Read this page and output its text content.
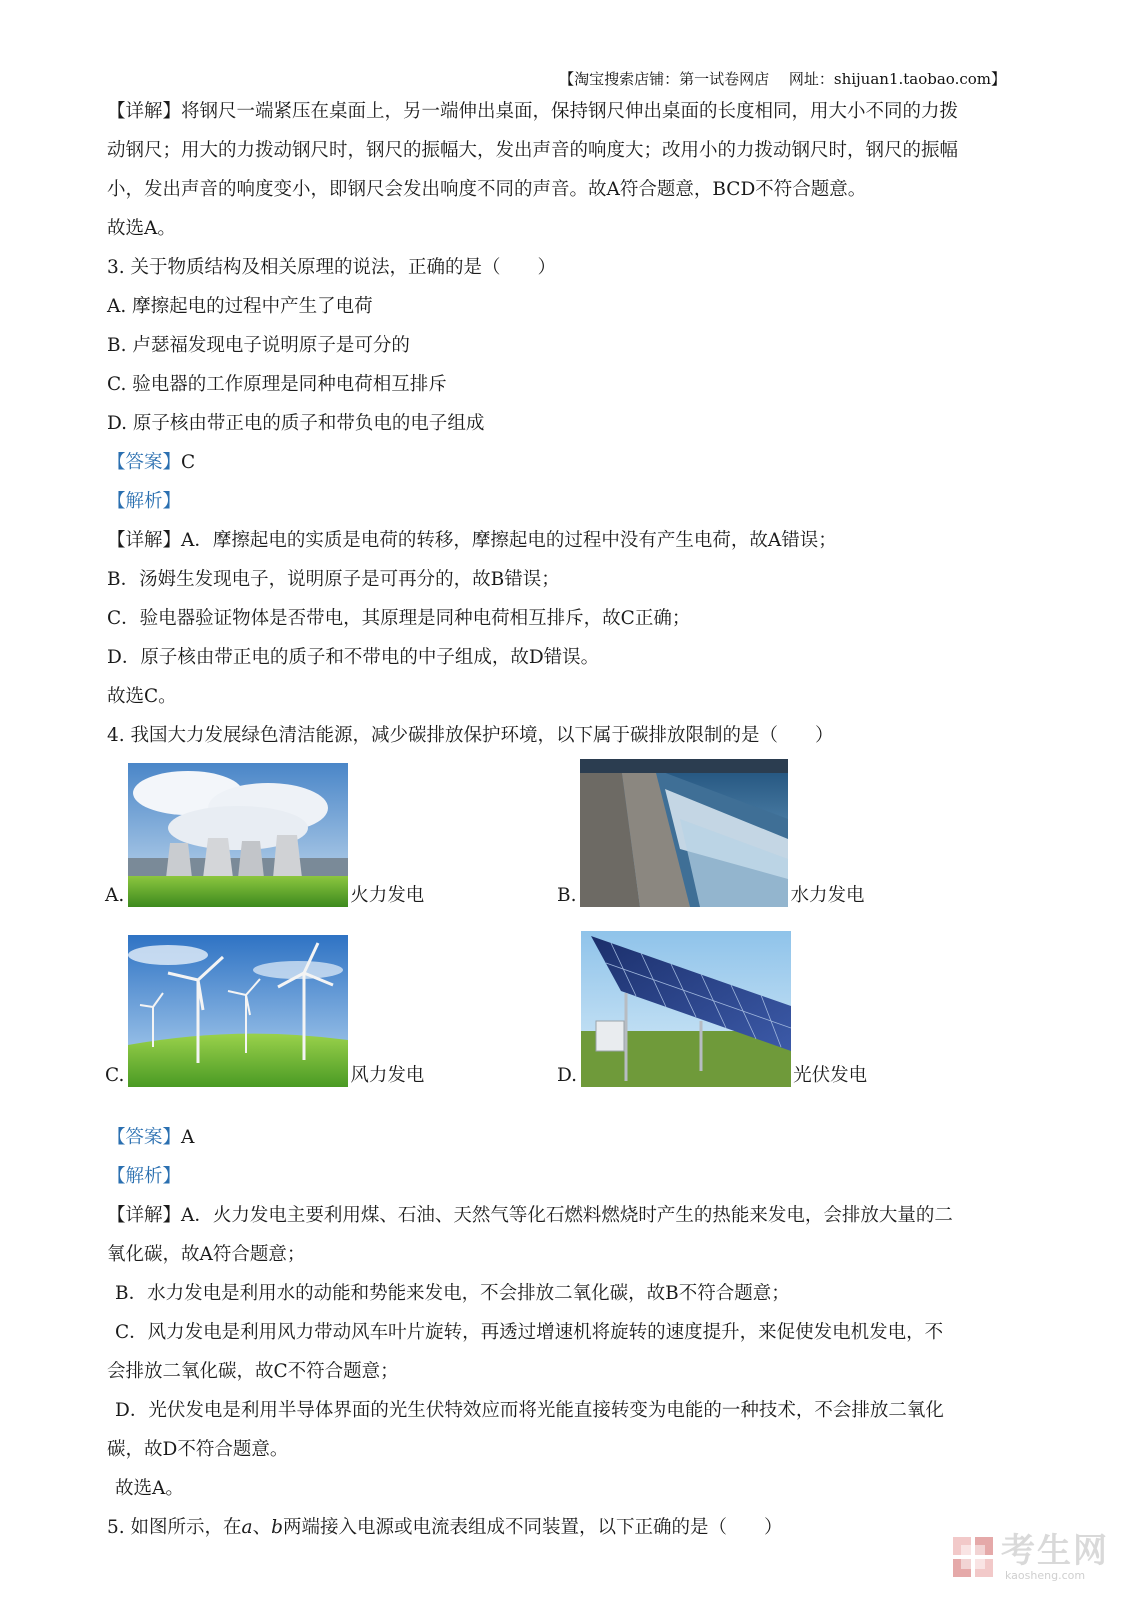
【淘宝搜索店铺：第一试卷网店　 网址：shijuan1.taobao.com】

【详解】将钢尺一端紧压在桌面上，另一端伸出桌面，保持钢尺伸出桌面的长度相同，用大小不同的力拨

动钢尺；用大的力拨动钢尺时，钢尺的振幅大，发出声音的响度大；改用小的力拨动钢尺时，钢尺的振幅

小，发出声音的响度变小，即钢尺会发出响度不同的声音。故A符合题意，BCD不符合题意。

故选A。

3. 关于物质结构及相关原理的说法，正确的是（　　）

A. 摩擦起电的过程中产生了电荷

B. 卢瑟福发现电子说明原子是可分的

C. 验电器的工作原理是同种电荷相互排斥

D. 原子核由带正电的质子和带负电的电子组成

【答案】C

【解析】

【详解】A．摩擦起电的实质是电荷的转移，摩擦起电的过程中没有产生电荷，故A错误；

B．汤姆生发现电子，说明原子是可再分的，故B错误；

C．验电器验证物体是否带电，其原理是同种电荷相互排斥，故C正确；

D．原子核由带正电的质子和不带电的中子组成，故D错误。

故选C。

4. 我国大力发展绿色清洁能源，减少碳排放保护环境，以下属于碳排放限制的是（　　）

A.	火力发电	B.	水力发电
C.	风力发电	D.	光伏发电

【答案】A

【解析】

【详解】A．火力发电主要利用煤、石油、天然气等化石燃料燃烧时产生的热能来发电，会排放大量的二

氧化碳，故A符合题意；

B．水力发电是利用水的动能和势能来发电，不会排放二氧化碳，故B不符合题意；

C．风力发电是利用风力带动风车叶片旋转，再透过增速机将旋转的速度提升，来促使发电机发电，不

会排放二氧化碳，故C不符合题意；

D．光伏发电是利用半导体界面的光生伏特效应而将光能直接转变为电能的一种技术，不会排放二氧化

碳，故D不符合题意。

故选A。

5. 如图所示，在a、b两端接入电源或电流表组成不同装置，以下正确的是（　　）

考生网
kaosheng.com
